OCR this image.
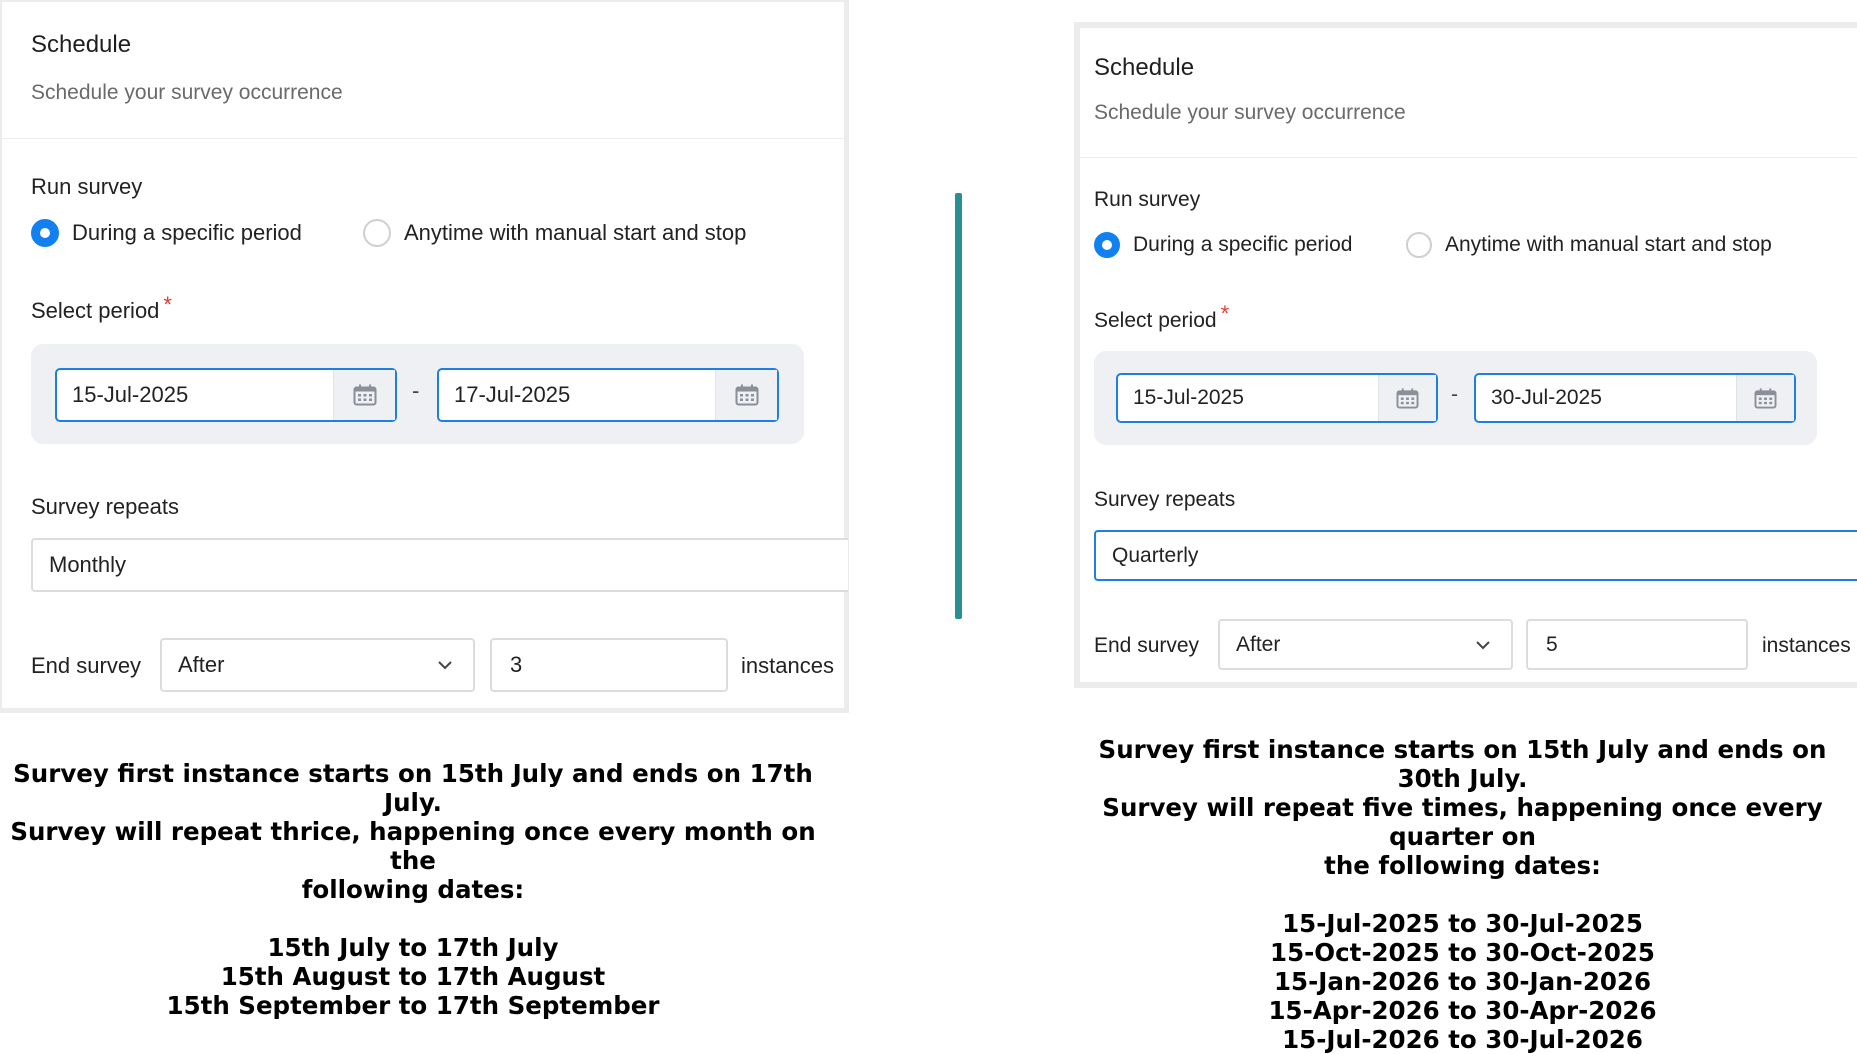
Schedule
Schedule your survey occurrence
Run survey
During a specific period	Anytime with manual start and stop
Select period *
15-Jul-2025	-	17-Jul-2025
Survey repeats
Monthly
End survey After	3	instances
Schedule
Schedule your survey occurrence
Run survey
During a specific period	Anytime with manual start and stop
Select period *
15-Jul-2025	-	30-Jul-2025
Survey repeats
Quarterly
End survey After	5	instances

Survey first instance starts on 15th July and ends on 17th July.

Survey will repeat thrice, happening once every month on the

following dates:

15th July to 17th July

15th August to 17th August

15th September to 17th September

Survey first instance starts on 15th July and ends on 30th July.

Survey will repeat five times, happening once every quarter on

the following dates:

15-Jul-2025 to 30-Jul-2025

15-Oct-2025 to 30-Oct-2025

15-Jan-2026 to 30-Jan-2026

15-Apr-2026 to 30-Apr-2026

15-Jul-2026 to 30-Jul-2026
